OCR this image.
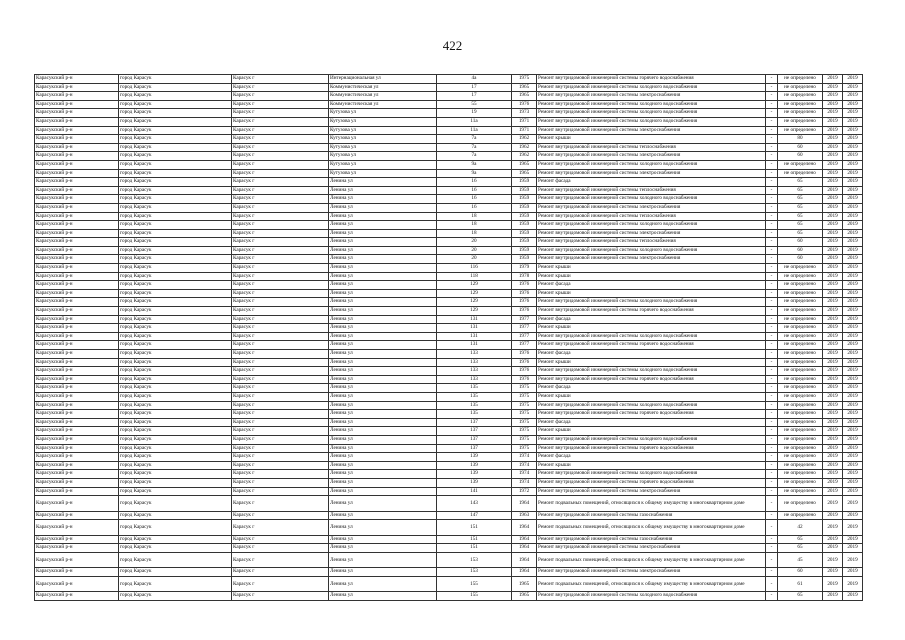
422
Карасукский р-н	город Карасук	Карасук г	Интернациональная ул	4а	1975	Ремонт внутридомовой инженерной системы горячего водоснабжения	-	не определено	2019	2019
Карасукский р-н	город Карасук	Карасук г	Коммунистическая ул	17	1965	Ремонт внутридомовой инженерной системы холодного водоснабжения	-	не определено	2019	2019
Карасукский р-н	город Карасук	Карасук г	Коммунистическая ул	17	1965	Ремонт внутридомовой инженерной системы электроснабжения	-	не определено	2019	2019
Карасукский р-н	город Карасук	Карасук г	Коммунистическая ул	55	1976	Ремонт внутридомовой инженерной системы холодного водоснабжения	-	не определено	2019	2019
Карасукский р-н	город Карасук	Карасук г	Кутузова ул	19	1973	Ремонт внутридомовой инженерной системы холодного водоснабжения	-	не определено	2019	2019
Карасукский р-н	город Карасук	Карасук г	Кутузова ул	11а	1971	Ремонт внутридомовой инженерной системы холодного водоснабжения	-	не определено	2019	2019
Карасукский р-н	город Карасук	Карасук г	Кутузова ул	11а	1971	Ремонт внутридомовой инженерной системы электроснабжения	-	не определено	2019	2019
Карасукский р-н	город Карасук	Карасук г	Кутузова ул	7а	1962	Ремонт крыши	-	80	2019	2019
Карасукский р-н	город Карасук	Карасук г	Кутузова ул	7а	1962	Ремонт внутридомовой инженерной системы теплоснабжения	-	60	2019	2019
Карасукский р-н	город Карасук	Карасук г	Кутузова ул	7а	1962	Ремонт внутридомовой инженерной системы электроснабжения	-	60	2019	2019
Карасукский р-н	город Карасук	Карасук г	Кутузова ул	9а	1965	Ремонт внутридомовой инженерной системы холодного водоснабжения	-	не определено	2019	2019
Карасукский р-н	город Карасук	Карасук г	Кутузова ул	9а	1965	Ремонт внутридомовой инженерной системы электроснабжения	-	не определено	2019	2019
Карасукский р-н	город Карасук	Карасук г	Ленина ул	16	1959	Ремонт фасада	-	65	2019	2019
Карасукский р-н	город Карасук	Карасук г	Ленина ул	16	1959	Ремонт внутридомовой инженерной системы теплоснабжения	-	65	2019	2019
Карасукский р-н	город Карасук	Карасук г	Ленина ул	16	1959	Ремонт внутридомовой инженерной системы холодного водоснабжения	-	65	2019	2019
Карасукский р-н	город Карасук	Карасук г	Ленина ул	16	1959	Ремонт внутридомовой инженерной системы электроснабжения	-	65	2019	2019
Карасукский р-н	город Карасук	Карасук г	Ленина ул	18	1959	Ремонт внутридомовой инженерной системы теплоснабжения	-	65	2019	2019
Карасукский р-н	город Карасук	Карасук г	Ленина ул	18	1959	Ремонт внутридомовой инженерной системы холодного водоснабжения	-	65	2019	2019
Карасукский р-н	город Карасук	Карасук г	Ленина ул	18	1959	Ремонт внутридомовой инженерной системы электроснабжения	-	65	2019	2019
Карасукский р-н	город Карасук	Карасук г	Ленина ул	20	1959	Ремонт внутридомовой инженерной системы теплоснабжения	-	60	2019	2019
Карасукский р-н	город Карасук	Карасук г	Ленина ул	20	1959	Ремонт внутридомовой инженерной системы холодного водоснабжения	-	60	2019	2019
Карасукский р-н	город Карасук	Карасук г	Ленина ул	20	1959	Ремонт внутридомовой инженерной системы электроснабжения	-	60	2019	2019
Карасукский р-н	город Карасук	Карасук г	Ленина ул	116	1979	Ремонт крыши	-	не определено	2019	2019
Карасукский р-н	город Карасук	Карасук г	Ленина ул	118	1978	Ремонт крыши	-	не определено	2019	2019
Карасукский р-н	город Карасук	Карасук г	Ленина ул	129	1976	Ремонт фасада	-	не определено	2019	2019
Карасукский р-н	город Карасук	Карасук г	Ленина ул	129	1976	Ремонт крыши	-	не определено	2019	2019
Карасукский р-н	город Карасук	Карасук г	Ленина ул	129	1976	Ремонт внутридомовой инженерной системы холодного водоснабжения	-	не определено	2019	2019
Карасукский р-н	город Карасук	Карасук г	Ленина ул	129	1976	Ремонт внутридомовой инженерной системы горячего водоснабжения	-	не определено	2019	2019
Карасукский р-н	город Карасук	Карасук г	Ленина ул	131	1977	Ремонт фасада	-	не определено	2019	2019
Карасукский р-н	город Карасук	Карасук г	Ленина ул	131	1977	Ремонт крыши	-	не определено	2019	2019
Карасукский р-н	город Карасук	Карасук г	Ленина ул	131	1977	Ремонт внутридомовой инженерной системы холодного водоснабжения	-	не определено	2019	2019
Карасукский р-н	город Карасук	Карасук г	Ленина ул	131	1977	Ремонт внутридомовой инженерной системы горячего водоснабжения	-	не определено	2019	2019
Карасукский р-н	город Карасук	Карасук г	Ленина ул	133	1976	Ремонт фасада	-	не определено	2019	2019
Карасукский р-н	город Карасук	Карасук г	Ленина ул	133	1976	Ремонт крыши	-	не определено	2019	2019
Карасукский р-н	город Карасук	Карасук г	Ленина ул	133	1976	Ремонт внутридомовой инженерной системы холодного водоснабжения	-	не определено	2019	2019
Карасукский р-н	город Карасук	Карасук г	Ленина ул	133	1976	Ремонт внутридомовой инженерной системы горячего водоснабжения	-	не определено	2019	2019
Карасукский р-н	город Карасук	Карасук г	Ленина ул	135	1975	Ремонт фасада	-	не определено	2019	2019
Карасукский р-н	город Карасук	Карасук г	Ленина ул	135	1975	Ремонт крыши	-	не определено	2019	2019
Карасукский р-н	город Карасук	Карасук г	Ленина ул	135	1975	Ремонт внутридомовой инженерной системы холодного водоснабжения	-	не определено	2019	2019
Карасукский р-н	город Карасук	Карасук г	Ленина ул	135	1975	Ремонт внутридомовой инженерной системы горячего водоснабжения	-	не определено	2019	2019
Карасукский р-н	город Карасук	Карасук г	Ленина ул	137	1975	Ремонт фасада	-	не определено	2019	2019
Карасукский р-н	город Карасук	Карасук г	Ленина ул	137	1975	Ремонт крыши	-	не определено	2019	2019
Карасукский р-н	город Карасук	Карасук г	Ленина ул	137	1975	Ремонт внутридомовой инженерной системы холодного водоснабжения	-	не определено	2019	2019
Карасукский р-н	город Карасук	Карасук г	Ленина ул	137	1975	Ремонт внутридомовой инженерной системы горячего водоснабжения	-	не определено	2019	2019
Карасукский р-н	город Карасук	Карасук г	Ленина ул	139	1974	Ремонт фасада	-	не определено	2019	2019
Карасукский р-н	город Карасук	Карасук г	Ленина ул	139	1974	Ремонт крыши	-	не определено	2019	2019
Карасукский р-н	город Карасук	Карасук г	Ленина ул	139	1974	Ремонт внутридомовой инженерной системы холодного водоснабжения	-	не определено	2019	2019
Карасукский р-н	город Карасук	Карасук г	Ленина ул	139	1974	Ремонт внутридомовой инженерной системы горячего водоснабжения	-	не определено	2019	2019
Карасукский р-н	город Карасук	Карасук г	Ленина ул	141	1972	Ремонт внутридомовой инженерной системы электроснабжения	-	не определено	2019	2019
Карасукский р-н	город Карасук	Карасук г	Ленина ул	143	1964	Ремонт подвальных помещений, относящихся к общему имуществу в многоквартирном доме	-	не определено	2019	2019
Карасукский р-н	город Карасук	Карасук г	Ленина ул	147	1963	Ремонт внутридомовой инженерной системы газоснабжения	-	не определено	2019	2019
Карасукский р-н	город Карасук	Карасук г	Ленина ул	151	1964	Ремонт подвальных помещений, относящихся к общему имуществу в многоквартирном доме	-	42	2019	2019
Карасукский р-н	город Карасук	Карасук г	Ленина ул	151	1964	Ремонт внутридомовой инженерной системы газоснабжения	-	65	2019	2019
Карасукский р-н	город Карасук	Карасук г	Ленина ул	151	1964	Ремонт внутридомовой инженерной системы электроснабжения	-	65	2019	2019
Карасукский р-н	город Карасук	Карасук г	Ленина ул	153	1964	Ремонт подвальных помещений, относящихся к общему имуществу в многоквартирном доме	-	45	2019	2019
Карасукский р-н	город Карасук	Карасук г	Ленина ул	153	1964	Ремонт внутридомовой инженерной системы электроснабжения	-	60	2019	2019
Карасукский р-н	город Карасук	Карасук г	Ленина ул	155	1965	Ремонт подвальных помещений, относящихся к общему имуществу в многоквартирном доме	-	61	2019	2019
Карасукский р-н	город Карасук	Карасук г	Ленина ул	155	1965	Ремонт внутридомовой инженерной системы холодного водоснабжения	-	65	2019	2019
